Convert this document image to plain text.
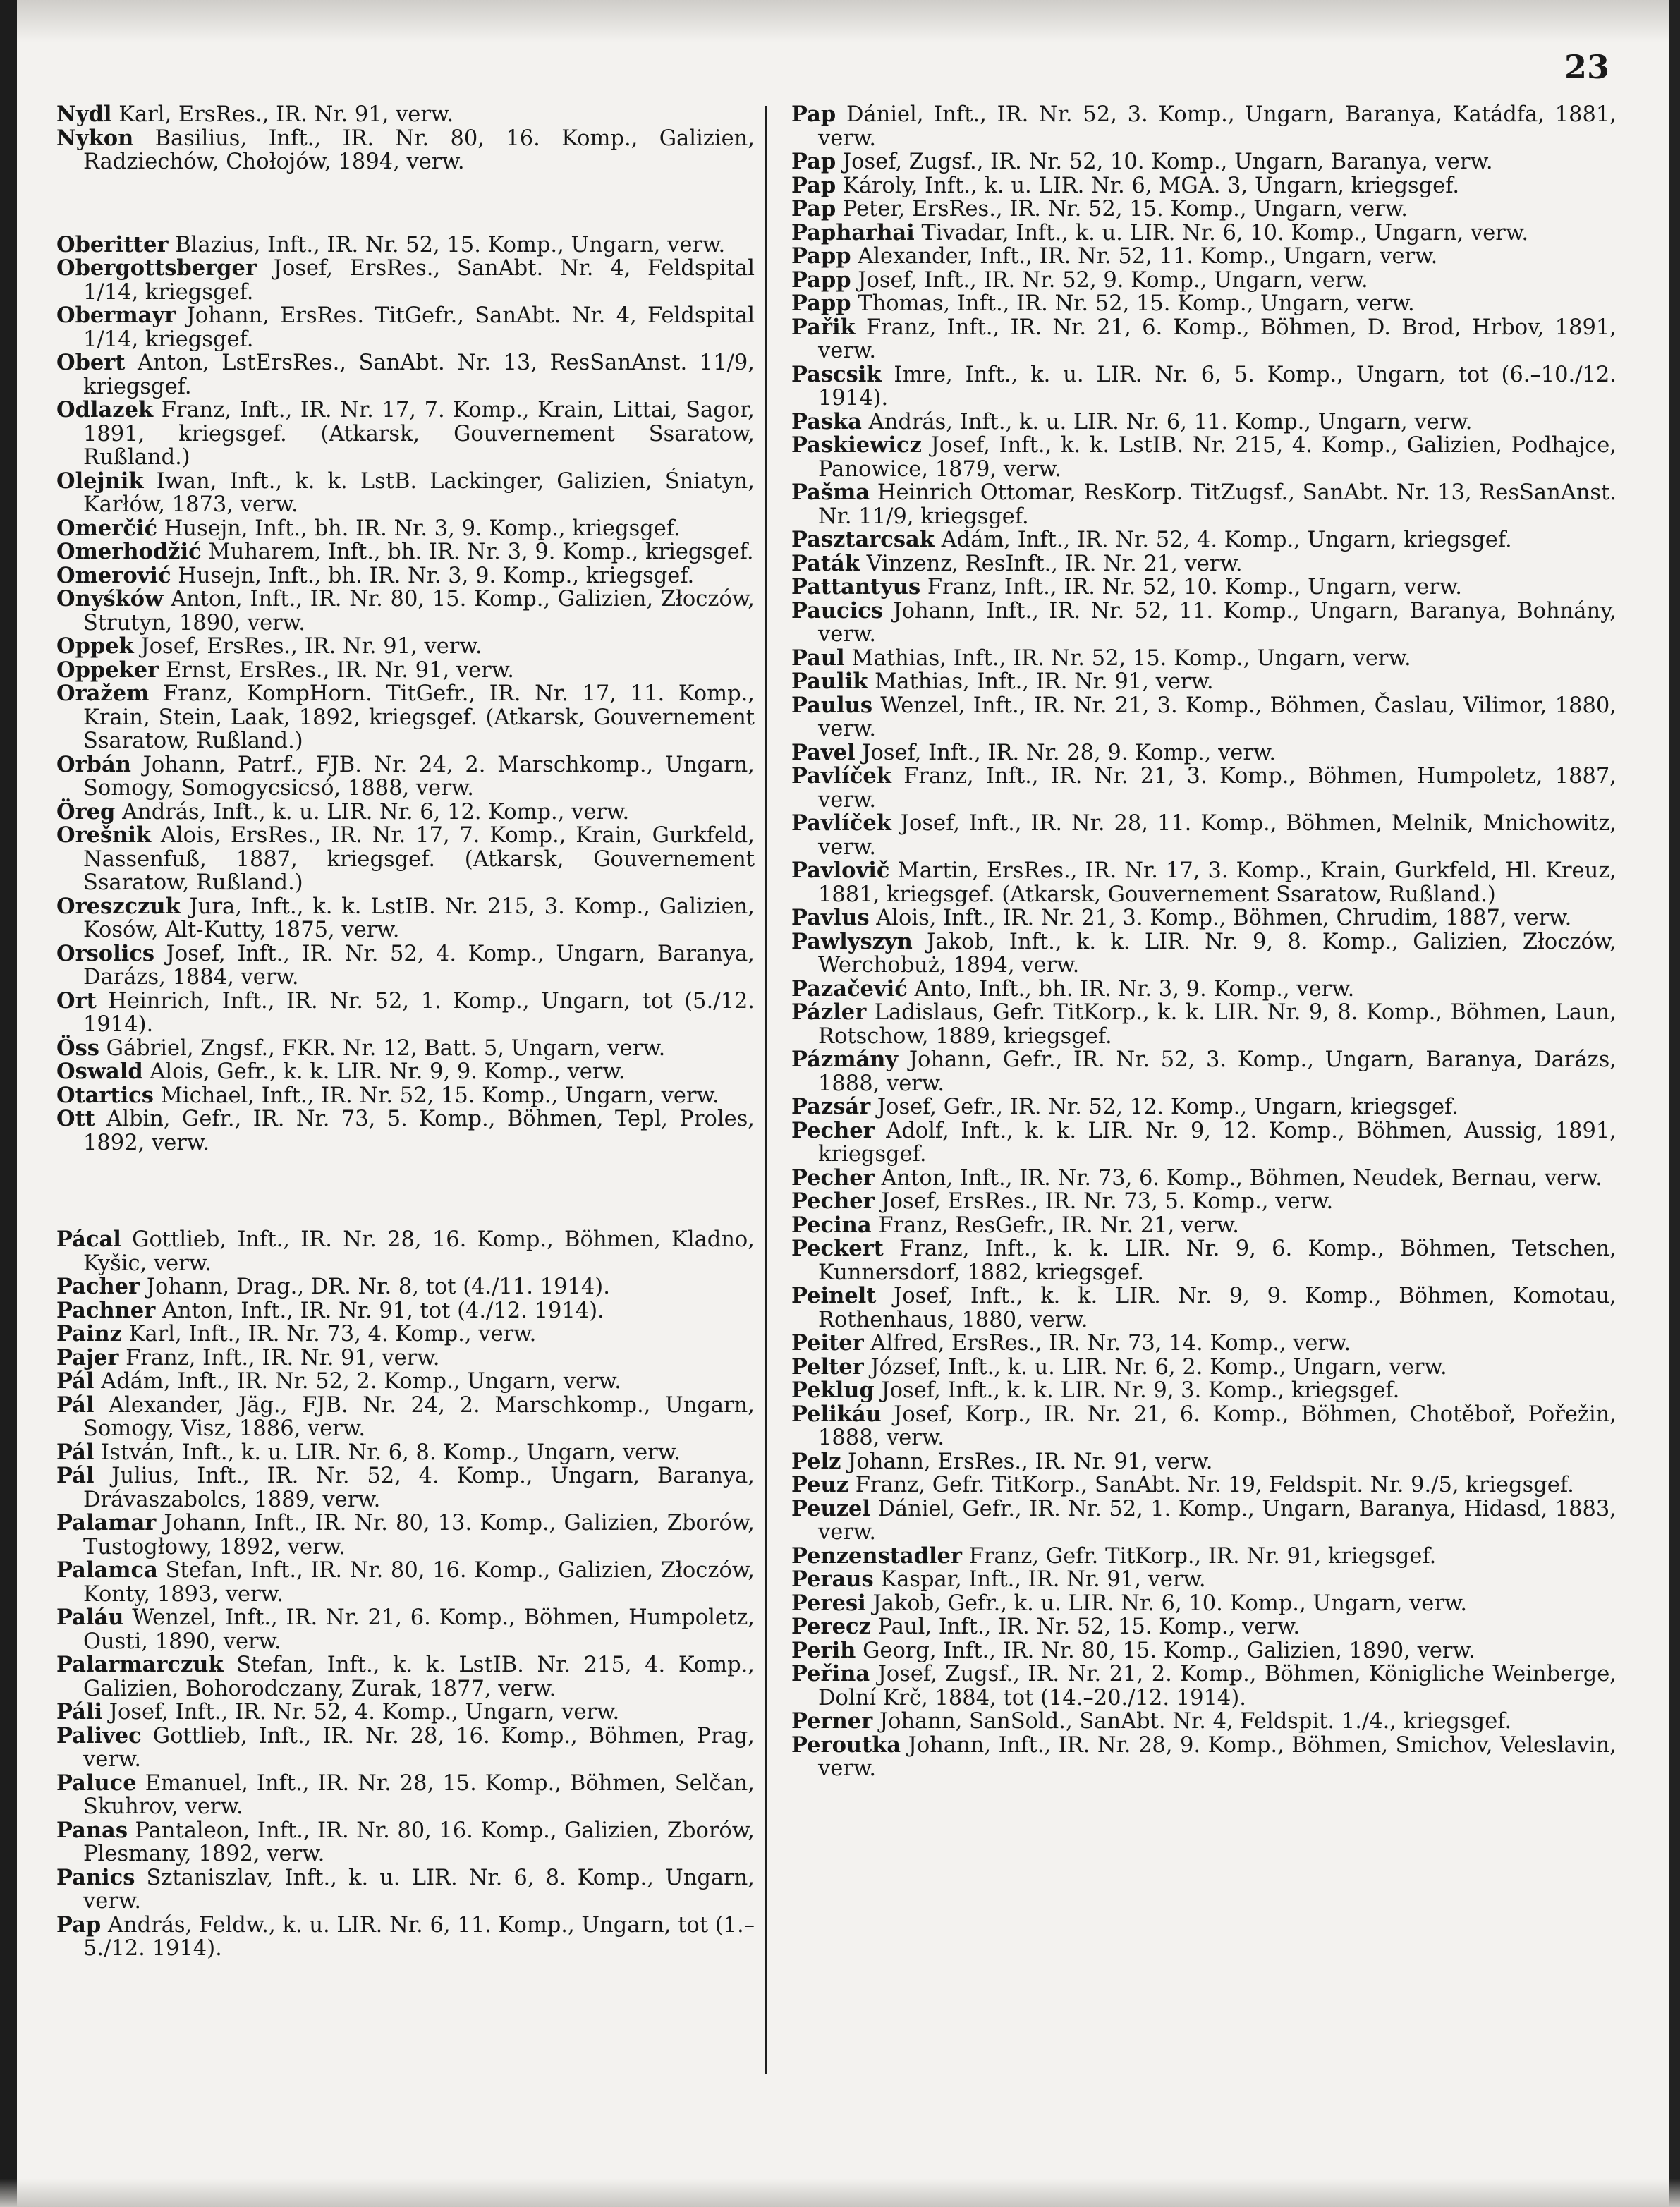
23

Nydl Karl, ErsRes., IR. Nr. 91, verw.

Nykon Basilius, Inft., IR. Nr. 80, 16. Komp., Galizien, Radziechów, Chołojów, 1894, verw.

Oberitter Blazius, Inft., IR. Nr. 52, 15. Komp., Ungarn, verw.

Obergottsberger Josef, ErsRes., SanAbt. Nr. 4, Feldspital 1/14, kriegsgef.

Obermayr Johann, ErsRes. TitGefr., SanAbt. Nr. 4, Feldspital 1/14, kriegsgef.

Obert Anton, LstErsRes., SanAbt. Nr. 13, ResSanAnst. 11/9, kriegsgef.

Odlazek Franz, Inft., IR. Nr. 17, 7. Komp., Krain, Littai, Sagor, 1891, kriegsgef. (Atkarsk, Gouvernement Ssaratow, Rußland.)

Olejnik Iwan, Inft., k. k. LstB. Lackinger, Galizien, Śniatyn, Karłów, 1873, verw.

Omerčić Husejn, Inft., bh. IR. Nr. 3, 9. Komp., kriegsgef.

Omerhodžić Muharem, Inft., bh. IR. Nr. 3, 9. Komp., kriegsgef.

Omerović Husejn, Inft., bh. IR. Nr. 3, 9. Komp., kriegsgef.

Onyśków Anton, Inft., IR. Nr. 80, 15. Komp., Galizien, Złoczów, Strutyn, 1890, verw.

Oppek Josef, ErsRes., IR. Nr. 91, verw.

Oppeker Ernst, ErsRes., IR. Nr. 91, verw.

Oražem Franz, KompHorn. TitGefr., IR. Nr. 17, 11. Komp., Krain, Stein, Laak, 1892, kriegsgef. (Atkarsk, Gouvernement Ssaratow, Rußland.)

Orbán Johann, Patrf., FJB. Nr. 24, 2. Marschkomp., Ungarn, Somogy, Somogycsicsó, 1888, verw.

Öreg András, Inft., k. u. LIR. Nr. 6, 12. Komp., verw.

Orešnik Alois, ErsRes., IR. Nr. 17, 7. Komp., Krain, Gurkfeld, Nassenfuß, 1887, kriegsgef. (Atkarsk, Gouvernement Ssaratow, Rußland.)

Oreszczuk Jura, Inft., k. k. LstIB. Nr. 215, 3. Komp., Galizien, Kosów, Alt-Kutty, 1875, verw.

Orsolics Josef, Inft., IR. Nr. 52, 4. Komp., Ungarn, Baranya, Darázs, 1884, verw.

Ort Heinrich, Inft., IR. Nr. 52, 1. Komp., Ungarn, tot (5./12. 1914).

Öss Gábriel, Zngsf., FKR. Nr. 12, Batt. 5, Ungarn, verw.

Oswald Alois, Gefr., k. k. LIR. Nr. 9, 9. Komp., verw.

Otartics Michael, Inft., IR. Nr. 52, 15. Komp., Ungarn, verw.

Ott Albin, Gefr., IR. Nr. 73, 5. Komp., Böhmen, Tepl, Proles, 1892, verw.

Pácal Gottlieb, Inft., IR. Nr. 28, 16. Komp., Böhmen, Kladno, Kyšic, verw.

Pacher Johann, Drag., DR. Nr. 8, tot (4./11. 1914).

Pachner Anton, Inft., IR. Nr. 91, tot (4./12. 1914).

Painz Karl, Inft., IR. Nr. 73, 4. Komp., verw.

Pajer Franz, Inft., IR. Nr. 91, verw.

Pál Adám, Inft., IR. Nr. 52, 2. Komp., Ungarn, verw.

Pál Alexander, Jäg., FJB. Nr. 24, 2. Marschkomp., Ungarn, Somogy, Visz, 1886, verw.

Pál István, Inft., k. u. LIR. Nr. 6, 8. Komp., Ungarn, verw.

Pál Julius, Inft., IR. Nr. 52, 4. Komp., Ungarn, Baranya, Drávaszabolcs, 1889, verw.

Palamar Johann, Inft., IR. Nr. 80, 13. Komp., Galizien, Zborów, Tustogłowy, 1892, verw.

Palamca Stefan, Inft., IR. Nr. 80, 16. Komp., Galizien, Złoczów, Konty, 1893, verw.

Paláu Wenzel, Inft., IR. Nr. 21, 6. Komp., Böhmen, Humpoletz, Ousti, 1890, verw.

Palarmarczuk Stefan, Inft., k. k. LstIB. Nr. 215, 4. Komp., Galizien, Bohorodczany, Zurak, 1877, verw.

Páli Josef, Inft., IR. Nr. 52, 4. Komp., Ungarn, verw.

Palivec Gottlieb, Inft., IR. Nr. 28, 16. Komp., Böhmen, Prag, verw.

Paluce Emanuel, Inft., IR. Nr. 28, 15. Komp., Böhmen, Selčan, Skuhrov, verw.

Panas Pantaleon, Inft., IR. Nr. 80, 16. Komp., Galizien, Zborów, Plesmany, 1892, verw.

Panics Sztaniszlav, Inft., k. u. LIR. Nr. 6, 8. Komp., Ungarn, verw.

Pap András, Feldw., k. u. LIR. Nr. 6, 11. Komp., Ungarn, tot (1.–5./12. 1914).

Pap Dániel, Inft., IR. Nr. 52, 3. Komp., Ungarn, Baranya, Katádfa, 1881, verw.

Pap Josef, Zugsf., IR. Nr. 52, 10. Komp., Ungarn, Baranya, verw.

Pap Károly, Inft., k. u. LIR. Nr. 6, MGA. 3, Ungarn, kriegsgef.

Pap Peter, ErsRes., IR. Nr. 52, 15. Komp., Ungarn, verw.

Papharhai Tivadar, Inft., k. u. LIR. Nr. 6, 10. Komp., Ungarn, verw.

Papp Alexander, Inft., IR. Nr. 52, 11. Komp., Ungarn, verw.

Papp Josef, Inft., IR. Nr. 52, 9. Komp., Ungarn, verw.

Papp Thomas, Inft., IR. Nr. 52, 15. Komp., Ungarn, verw.

Pařik Franz, Inft., IR. Nr. 21, 6. Komp., Böhmen, D. Brod, Hrbov, 1891, verw.

Pascsik Imre, Inft., k. u. LIR. Nr. 6, 5. Komp., Ungarn, tot (6.–10./12. 1914).

Paska András, Inft., k. u. LIR. Nr. 6, 11. Komp., Ungarn, verw.

Paskiewicz Josef, Inft., k. k. LstIB. Nr. 215, 4. Komp., Galizien, Podhajce, Panowice, 1879, verw.

Pašma Heinrich Ottomar, ResKorp. TitZugsf., SanAbt. Nr. 13, ResSanAnst. Nr. 11/9, kriegsgef.

Pasztarcsak Adám, Inft., IR. Nr. 52, 4. Komp., Ungarn, kriegsgef.

Paták Vinzenz, ResInft., IR. Nr. 21, verw.

Pattantyus Franz, Inft., IR. Nr. 52, 10. Komp., Ungarn, verw.

Paucics Johann, Inft., IR. Nr. 52, 11. Komp., Ungarn, Baranya, Bohnány, verw.

Paul Mathias, Inft., IR. Nr. 52, 15. Komp., Ungarn, verw.

Paulik Mathias, Inft., IR. Nr. 91, verw.

Paulus Wenzel, Inft., IR. Nr. 21, 3. Komp., Böhmen, Časlau, Vilimor, 1880, verw.

Pavel Josef, Inft., IR. Nr. 28, 9. Komp., verw.

Pavlíček Franz, Inft., IR. Nr. 21, 3. Komp., Böhmen, Humpoletz, 1887, verw.

Pavlíček Josef, Inft., IR. Nr. 28, 11. Komp., Böhmen, Melnik, Mnichowitz, verw.

Pavlovič Martin, ErsRes., IR. Nr. 17, 3. Komp., Krain, Gurkfeld, Hl. Kreuz, 1881, kriegsgef. (Atkarsk, Gouvernement Ssaratow, Rußland.)

Pavlus Alois, Inft., IR. Nr. 21, 3. Komp., Böhmen, Chrudim, 1887, verw.

Pawlyszyn Jakob, Inft., k. k. LIR. Nr. 9, 8. Komp., Galizien, Złoczów, Werchobuż, 1894, verw.

Pazačević Anto, Inft., bh. IR. Nr. 3, 9. Komp., verw.

Pázler Ladislaus, Gefr. TitKorp., k. k. LIR. Nr. 9, 8. Komp., Böhmen, Laun, Rotschow, 1889, kriegsgef.

Pázmány Johann, Gefr., IR. Nr. 52, 3. Komp., Ungarn, Baranya, Darázs, 1888, verw.

Pazsár Josef, Gefr., IR. Nr. 52, 12. Komp., Ungarn, kriegsgef.

Pecher Adolf, Inft., k. k. LIR. Nr. 9, 12. Komp., Böhmen, Aussig, 1891, kriegsgef.

Pecher Anton, Inft., IR. Nr. 73, 6. Komp., Böhmen, Neudek, Bernau, verw.

Pecher Josef, ErsRes., IR. Nr. 73, 5. Komp., verw.

Pecina Franz, ResGefr., IR. Nr. 21, verw.

Peckert Franz, Inft., k. k. LIR. Nr. 9, 6. Komp., Böhmen, Tetschen, Kunnersdorf, 1882, kriegsgef.

Peinelt Josef, Inft., k. k. LIR. Nr. 9, 9. Komp., Böhmen, Komotau, Rothenhaus, 1880, verw.

Peiter Alfred, ErsRes., IR. Nr. 73, 14. Komp., verw.

Pelter József, Inft., k. u. LIR. Nr. 6, 2. Komp., Ungarn, verw.

Peklug Josef, Inft., k. k. LIR. Nr. 9, 3. Komp., kriegsgef.

Pelikáu Josef, Korp., IR. Nr. 21, 6. Komp., Böhmen, Chotěboř, Pořežin, 1888, verw.

Pelz Johann, ErsRes., IR. Nr. 91, verw.

Peuz Franz, Gefr. TitKorp., SanAbt. Nr. 19, Feldspit. Nr. 9./5, kriegsgef.

Peuzel Dániel, Gefr., IR. Nr. 52, 1. Komp., Ungarn, Baranya, Hidasd, 1883, verw.

Penzenstadler Franz, Gefr. TitKorp., IR. Nr. 91, kriegsgef.

Peraus Kaspar, Inft., IR. Nr. 91, verw.

Peresi Jakob, Gefr., k. u. LIR. Nr. 6, 10. Komp., Ungarn, verw.

Perecz Paul, Inft., IR. Nr. 52, 15. Komp., verw.

Perih Georg, Inft., IR. Nr. 80, 15. Komp., Galizien, 1890, verw.

Peřina Josef, Zugsf., IR. Nr. 21, 2. Komp., Böhmen, Königliche Weinberge, Dolní Krč, 1884, tot (14.–20./12. 1914).

Perner Johann, SanSold., SanAbt. Nr. 4, Feldspit. 1./4., kriegsgef.

Peroutka Johann, Inft., IR. Nr. 28, 9. Komp., Böhmen, Smichov, Veleslavin, verw.
